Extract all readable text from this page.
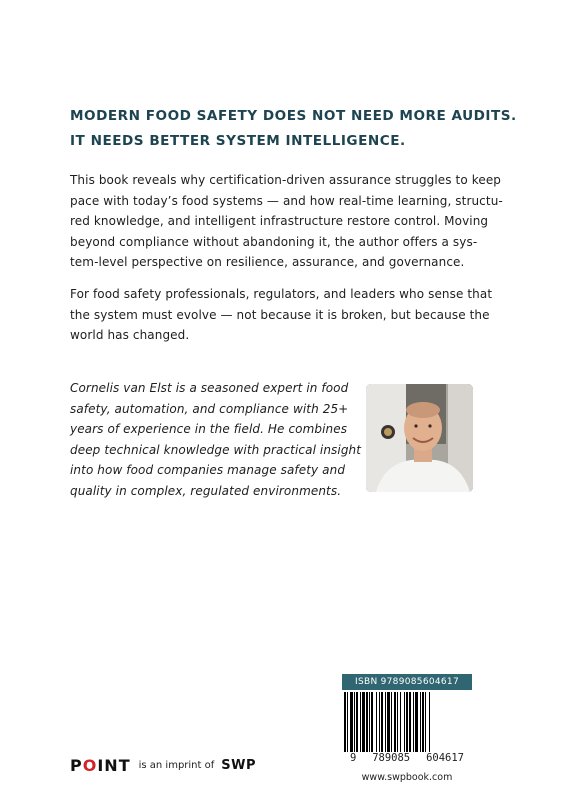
MODERN FOOD SAFETY DOES NOT NEED MORE AUDITS.
IT NEEDS BETTER SYSTEM INTELLIGENCE.
This book reveals why certification-driven assurance struggles to keep
pace with today’s food systems — and how real-time learning, structu-
red knowledge, and intelligent infrastructure restore control. Moving
beyond compliance without abandoning it, the author offers a sys-
tem-level perspective on resilience, assurance, and governance.
For food safety professionals, regulators, and leaders who sense that
the system must evolve — not because it is broken, but because the
world has changed.
Cornelis van Elst is a seasoned expert in food
safety, automation, and compliance with 25+
years of experience in the field. He combines
deep technical knowledge with practical insight
into how food companies manage safety and
quality in complex, regulated environments.
POINT is an imprint of SWP
ISBN 9789085604617
9 789085 604617
www.swpbook.com
